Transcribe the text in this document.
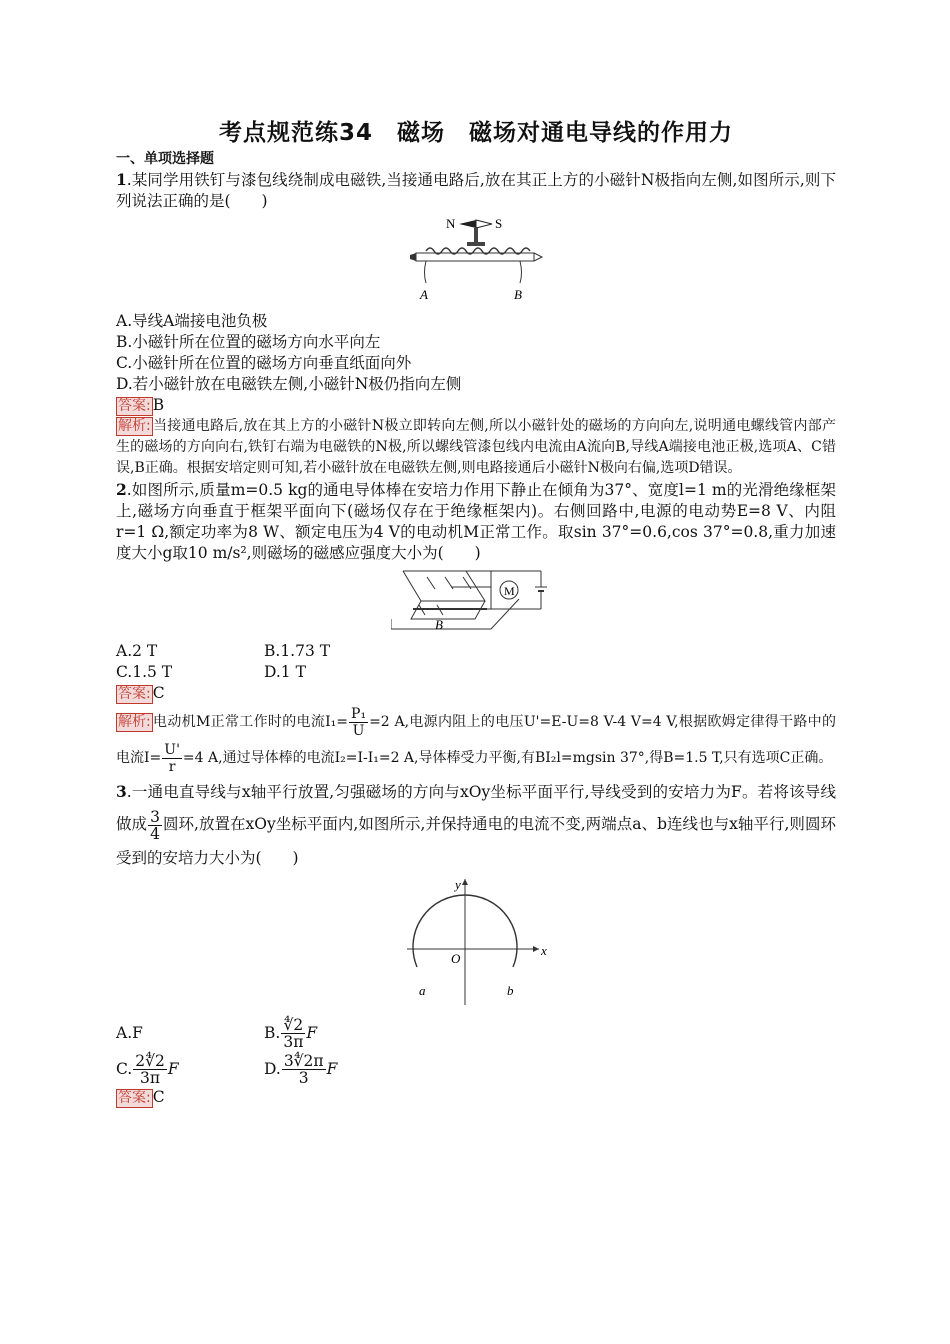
考点规范练34　磁场　磁场对通电导线的作用力
一、单项选择题

1.某同学用铁钉与漆包线绕制成电磁铁,当接通电路后,放在其正上方的小磁针N极指向左侧,如图所示,则下列说法正确的是(　　)

N	S
A	B

A.导线A端接电池负极

B.小磁针所在位置的磁场方向水平向左

C.小磁针所在位置的磁场方向垂直纸面向外

D.若小磁针放在电磁铁左侧,小磁针N极仍指向左侧

答案: B

解析: 当接通电路后,放在其上方的小磁针N极立即转向左侧,所以小磁针处的磁场的方向向左,说明通电螺线管内部产生的磁场的方向向右,铁钉右端为电磁铁的N极,所以螺线管漆包线内电流由A流向B,导线A端接电池正极,选项A、C错误,B正确。根据安培定则可知,若小磁针放在电磁铁左侧,则电路接通后小磁针N极向右偏,选项D错误。

2.如图所示,质量m=0.5 kg的通电导体棒在安培力作用下静止在倾角为37°、宽度l=1 m的光滑绝缘框架上,磁场方向垂直于框架平面向下(磁场仅存在于绝缘框架内)。右侧回路中,电源的电动势E=8 V、内阻r=1 Ω,额定功率为8 W、额定电压为4 V的电动机M正常工作。取sin 37°=0.6,cos 37°=0.8,重力加速度大小g取10 m/s²,则磁场的磁感应强度大小为(　　)

M
B
A.2 T	B.1.73 T
C.1.5 T	D.1 T

答案: C

解析: 电动机M正常工作时的电流$I_1= \frac{\text{P₁}}{U} =2$ A,电源内阻上的电压U'=E-U=8 V-4 V=4 V,根据欧姆定律得干路中的电流$I= \frac{U'}{r} =4$ A,通过导体棒的电流I₂=I-I₁=2 A,导体棒受力平衡,有BI₂l=mgsin 37°,得B=1.5 T,只有选项C正确。

3.一通电直导线与x轴平行放置,匀强磁场的方向与xOy坐标平面平行,导线受到的安培力为F。若将该导线做成 $\frac{3}{4}$ 圆环,放置在xOy坐标平面内,如图所示,并保持通电的电流不变,两端点a、b连线也与x轴平行,则圆环受到的安培力大小为(　　)

y
x
O
a	b
A.F	B. $\frac{∜2}{3\pi}$ F
C. $\frac{2∜2}{3\pi}$ F	D. $\frac{3∜2\pi}{3}$ F

答案: C
